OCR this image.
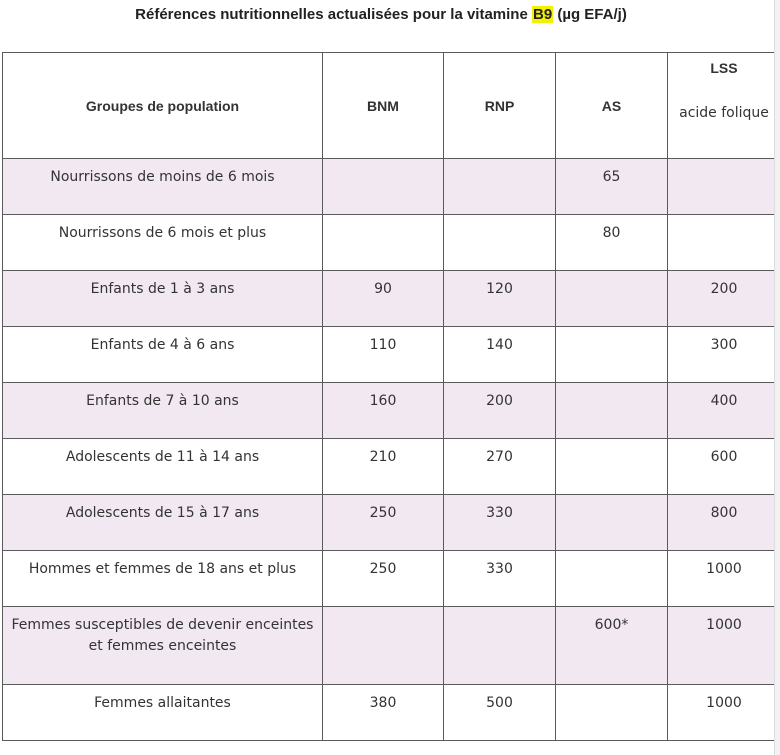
Références nutritionnelles actualisées pour la vitamine B9 (µg EFA/j)
Groupes de population	BNM	RNP	AS	LSS
acide folique

Nourrissons de moins de 6 mois			65	
Nourrissons de 6 mois et plus			80	
Enfants de 1 à 3 ans	90	120		200
Enfants de 4 à 6 ans	110	140		300
Enfants de 7 à 10 ans	160	200		400
Adolescents de 11 à 14 ans	210	270		600
Adolescents de 15 à 17 ans	250	330		800
Hommes et femmes de 18 ans et plus	250	330		1000
Femmes susceptibles de devenir enceintes et femmes enceintes			600*	1000
Femmes allaitantes	380	500		1000
